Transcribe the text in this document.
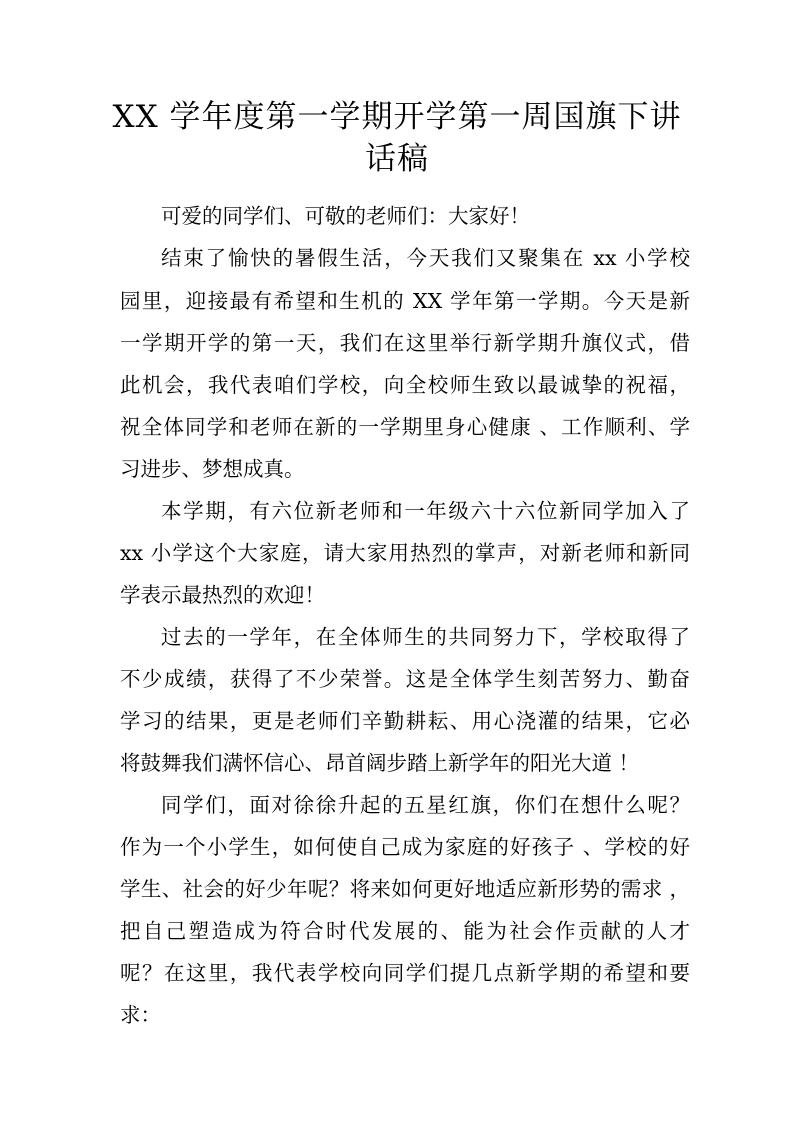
XX 学年度第一学期开学第一周国旗下讲
话稿

可爱的同学们、可敬的老师们：大家好！

结束了愉快的暑假生活，今天我们又聚集在 xx 小学校

园里，迎接最有希望和生机的 XX 学年第一学期。今天是新

一学期开学的第一天，我们在这里举行新学期升旗仪式，借

此机会，我代表咱们学校，向全校师生致以最诚挚的祝福，

祝全体同学和老师在新的一学期里身心健康 、工作顺利、学

习进步、梦想成真。

本学期，有六位新老师和一年级六十六位新同学加入了

xx 小学这个大家庭，请大家用热烈的掌声，对新老师和新同

学表示最热烈的欢迎！

过去的一学年，在全体师生的共同努力下，学校取得了

不少成绩，获得了不少荣誉。这是全体学生刻苦努力、勤奋

学习的结果，更是老师们辛勤耕耘、用心浇灌的结果，它必

将鼓舞我们满怀信心、昂首阔步踏上新学年的阳光大道 ！

同学们，面对徐徐升起的五星红旗，你们在想什么呢？

作为一个小学生，如何使自己成为家庭的好孩子 、学校的好

学生、社会的好少年呢？将来如何更好地适应新形势的需求 ，

把自己塑造成为符合时代发展的、能为社会作贡献的人才

呢？在这里，我代表学校向同学们提几点新学期的希望和要

求：
